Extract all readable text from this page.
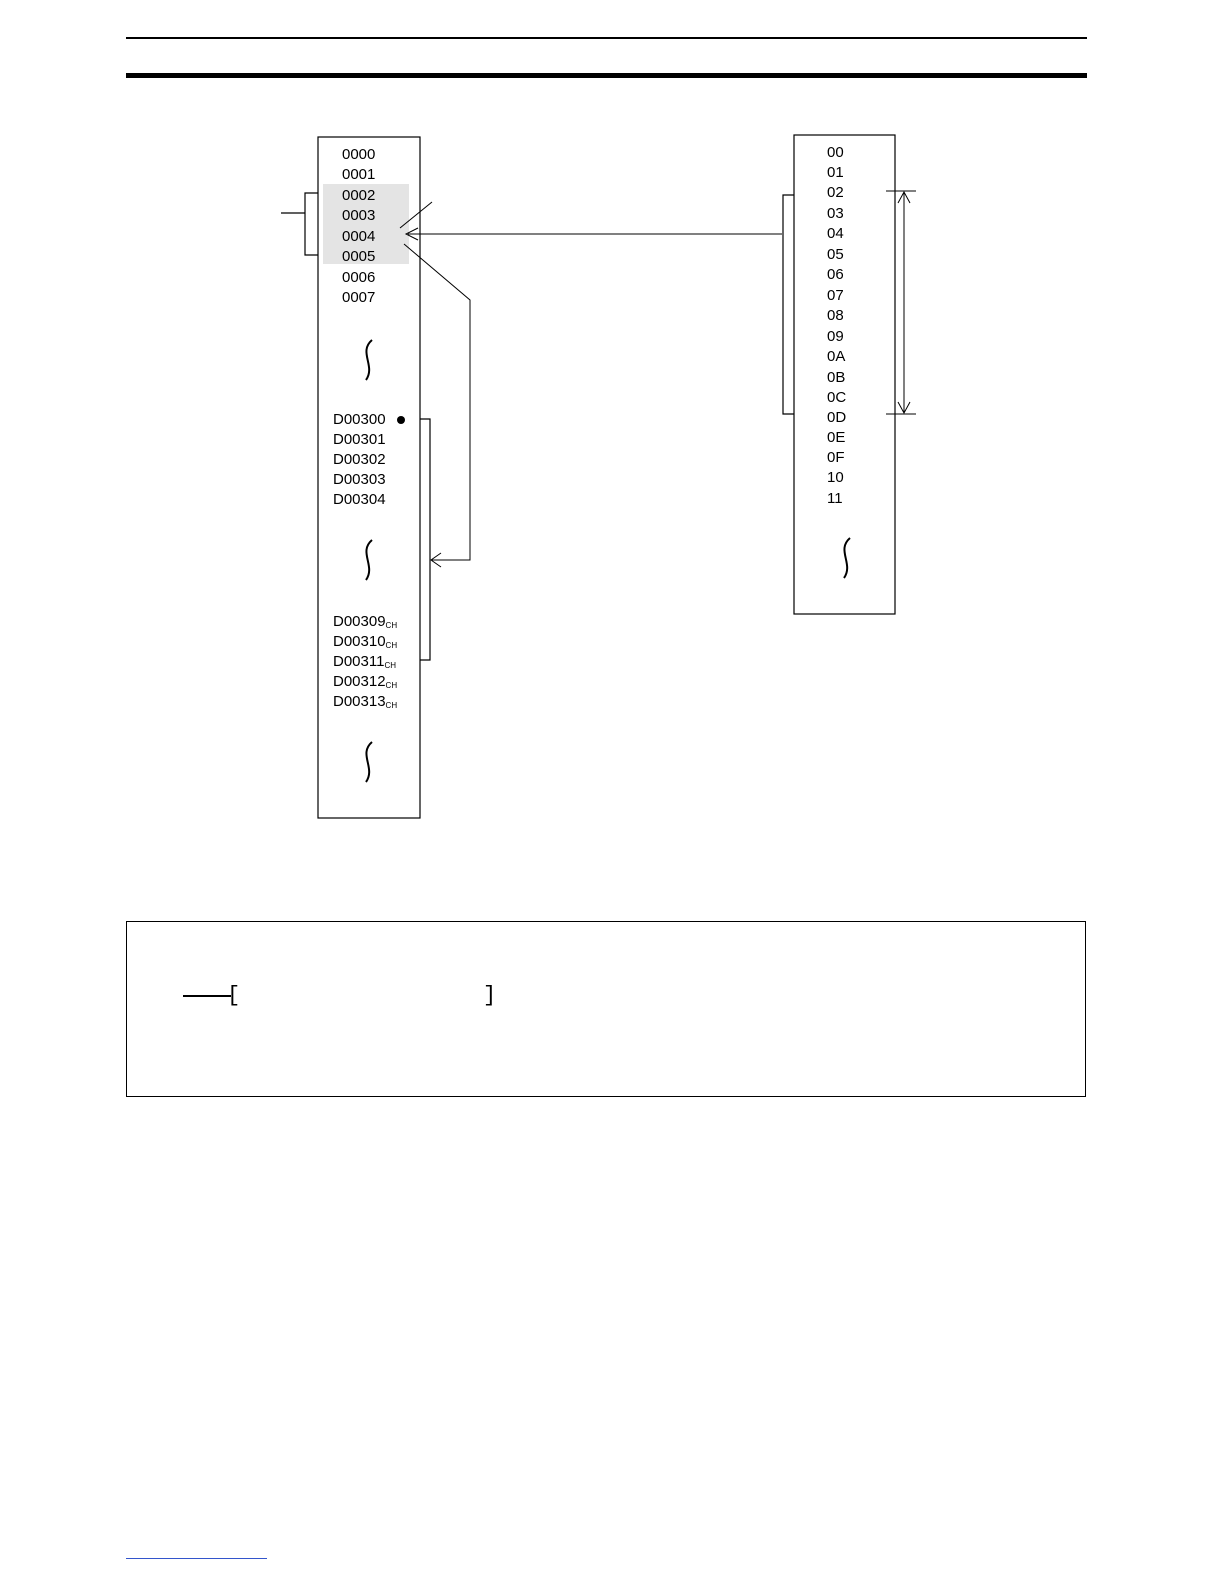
0000
0001
0002
0003
0004
0005
0006
0007
D00300
D00301
D00302
D00303
D00304
D00309CH
D00310CH
D00311CH
D00312CH
D00313CH
00
01
02
03
04
05
06
07
08
09
0A
0B
0C
0D
0E
0F
10
11
[	]
